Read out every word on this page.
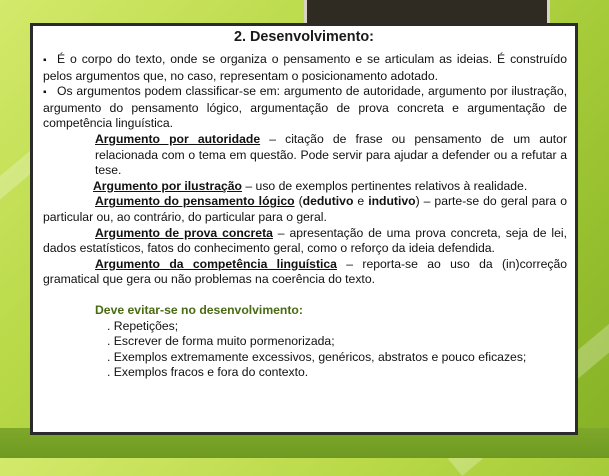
2. Desenvolvimento:

▪ É o corpo do texto, onde se organiza o pensamento e se articulam as ideias. É construído pelos argumentos que, no caso, representam o posicionamento adotado.

▪ Os argumentos podem classificar-se em: argumento de autoridade, argumento por ilustração, argumento do pensamento lógico, argumentação de prova concreta e argumentação de competência linguística.

Argumento por autoridade – citação de frase ou pensamento de um autor relacionada com o tema em questão. Pode servir para ajudar a defender ou a refutar a tese.

Argumento por ilustração – uso de exemplos pertinentes relativos à realidade.

Argumento do pensamento lógico (dedutivo e indutivo) – parte-se do geral para o particular ou, ao contrário, do particular para o geral.

Argumento de prova concreta – apresentação de uma prova concreta, seja de lei, dados estatísticos, fatos do conhecimento geral, como o reforço da ideia defendida.

Argumento da competência linguística – reporta-se ao uso da (in)correção gramatical que gera ou não problemas na coerência do texto.

Deve evitar-se no desenvolvimento:

. Repetições;

. Escrever de forma muito pormenorizada;

. Exemplos extremamente excessivos, genéricos, abstratos e pouco eficazes;

. Exemplos fracos e fora do contexto.
